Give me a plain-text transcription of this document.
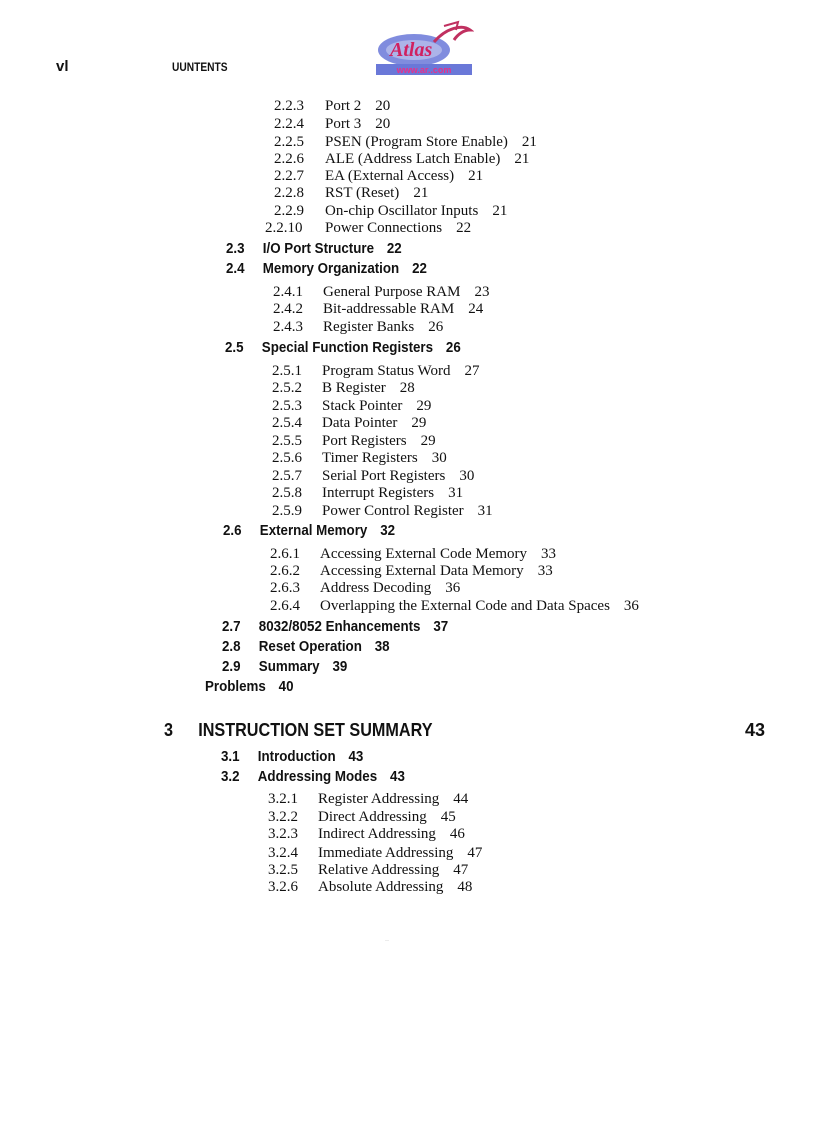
vl	UUNTENTS
Atlas
www.ar..com
2.2.3 Port 2 20
2.2.4 Port 3 20
2.2.5 PSEN (Program Store Enable) 21
2.2.6 ALE (Address Latch Enable) 21
2.2.7 EA (External Access) 21
2.2.8 RST (Reset) 21
2.2.9 On-chip Oscillator Inputs 21
2.2.10 Power Connections 22
2.3 I/O Port Structure 22
2.4 Memory Organization 22
2.4.1 General Purpose RAM 23
2.4.2 Bit-addressable RAM 24
2.4.3 Register Banks 26
2.5 Special Function Registers 26
2.5.1 Program Status Word 27
2.5.2 B Register 28
2.5.3 Stack Pointer 29
2.5.4 Data Pointer 29
2.5.5 Port Registers 29
2.5.6 Timer Registers 30
2.5.7 Serial Port Registers 30
2.5.8 Interrupt Registers 31
2.5.9 Power Control Register 31
2.6 External Memory 32
2.6.1 Accessing External Code Memory 33
2.6.2 Accessing External Data Memory 33
2.6.3 Address Decoding 36
2.6.4 Overlapping the External Code and Data Spaces 36
2.7 8032/8052 Enhancements 37
2.8 Reset Operation 38
2.9 Summary 39
Problems 40
3 INSTRUCTION SET SUMMARY	43
3.1 Introduction 43
3.2 Addressing Modes 43
3.2.1 Register Addressing 44
3.2.2 Direct Addressing 45
3.2.3 Indirect Addressing 46
3.2.4 Immediate Addressing 47
3.2.5 Relative Addressing 47
3.2.6 Absolute Addressing 48
··
